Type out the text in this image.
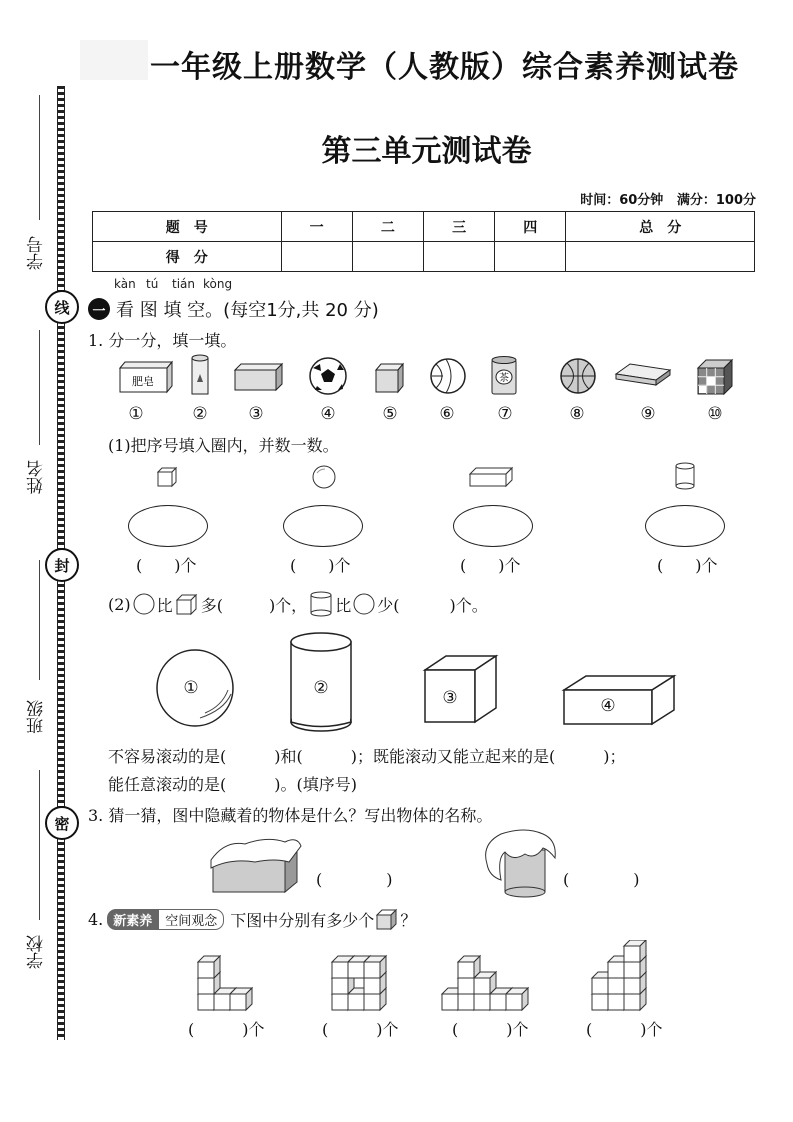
一年级上册数学（人教版）综合素养测试卷
第三单元测试卷
时间：60分钟 满分：100分
题　号	一	二	三	四	总　分
得　分					
学号
姓名
班级
学校
线
封
密
kàn tú tián kòng
一 看 图 填 空。(每空1分,共 20 分)
1. 分一分，填一填。
肥皂	茶
①	②	③	④	⑤	⑥	⑦	⑧	⑨	⑩
(1)把序号填入圈内，并数一数。
(　　)个	(　　)个	(　　)个	(　　)个
(2) 比 多(	)个， 比 少(	)个。
①	②	③	④
不容易滚动的是(　　　)和(　　　)；既能滚动又能立起来的是(　　　)；
能任意滚动的是(　　　)。(填序号)
3. 猜一猜，图中隐藏着的物体是什么？写出物体的名称。
(　　　　)	(　　　　)
4. 新素养	空间观念 下图中分别有多少个 ？
(　　　)个	(　　　)个	(　　　)个	(　　　)个
